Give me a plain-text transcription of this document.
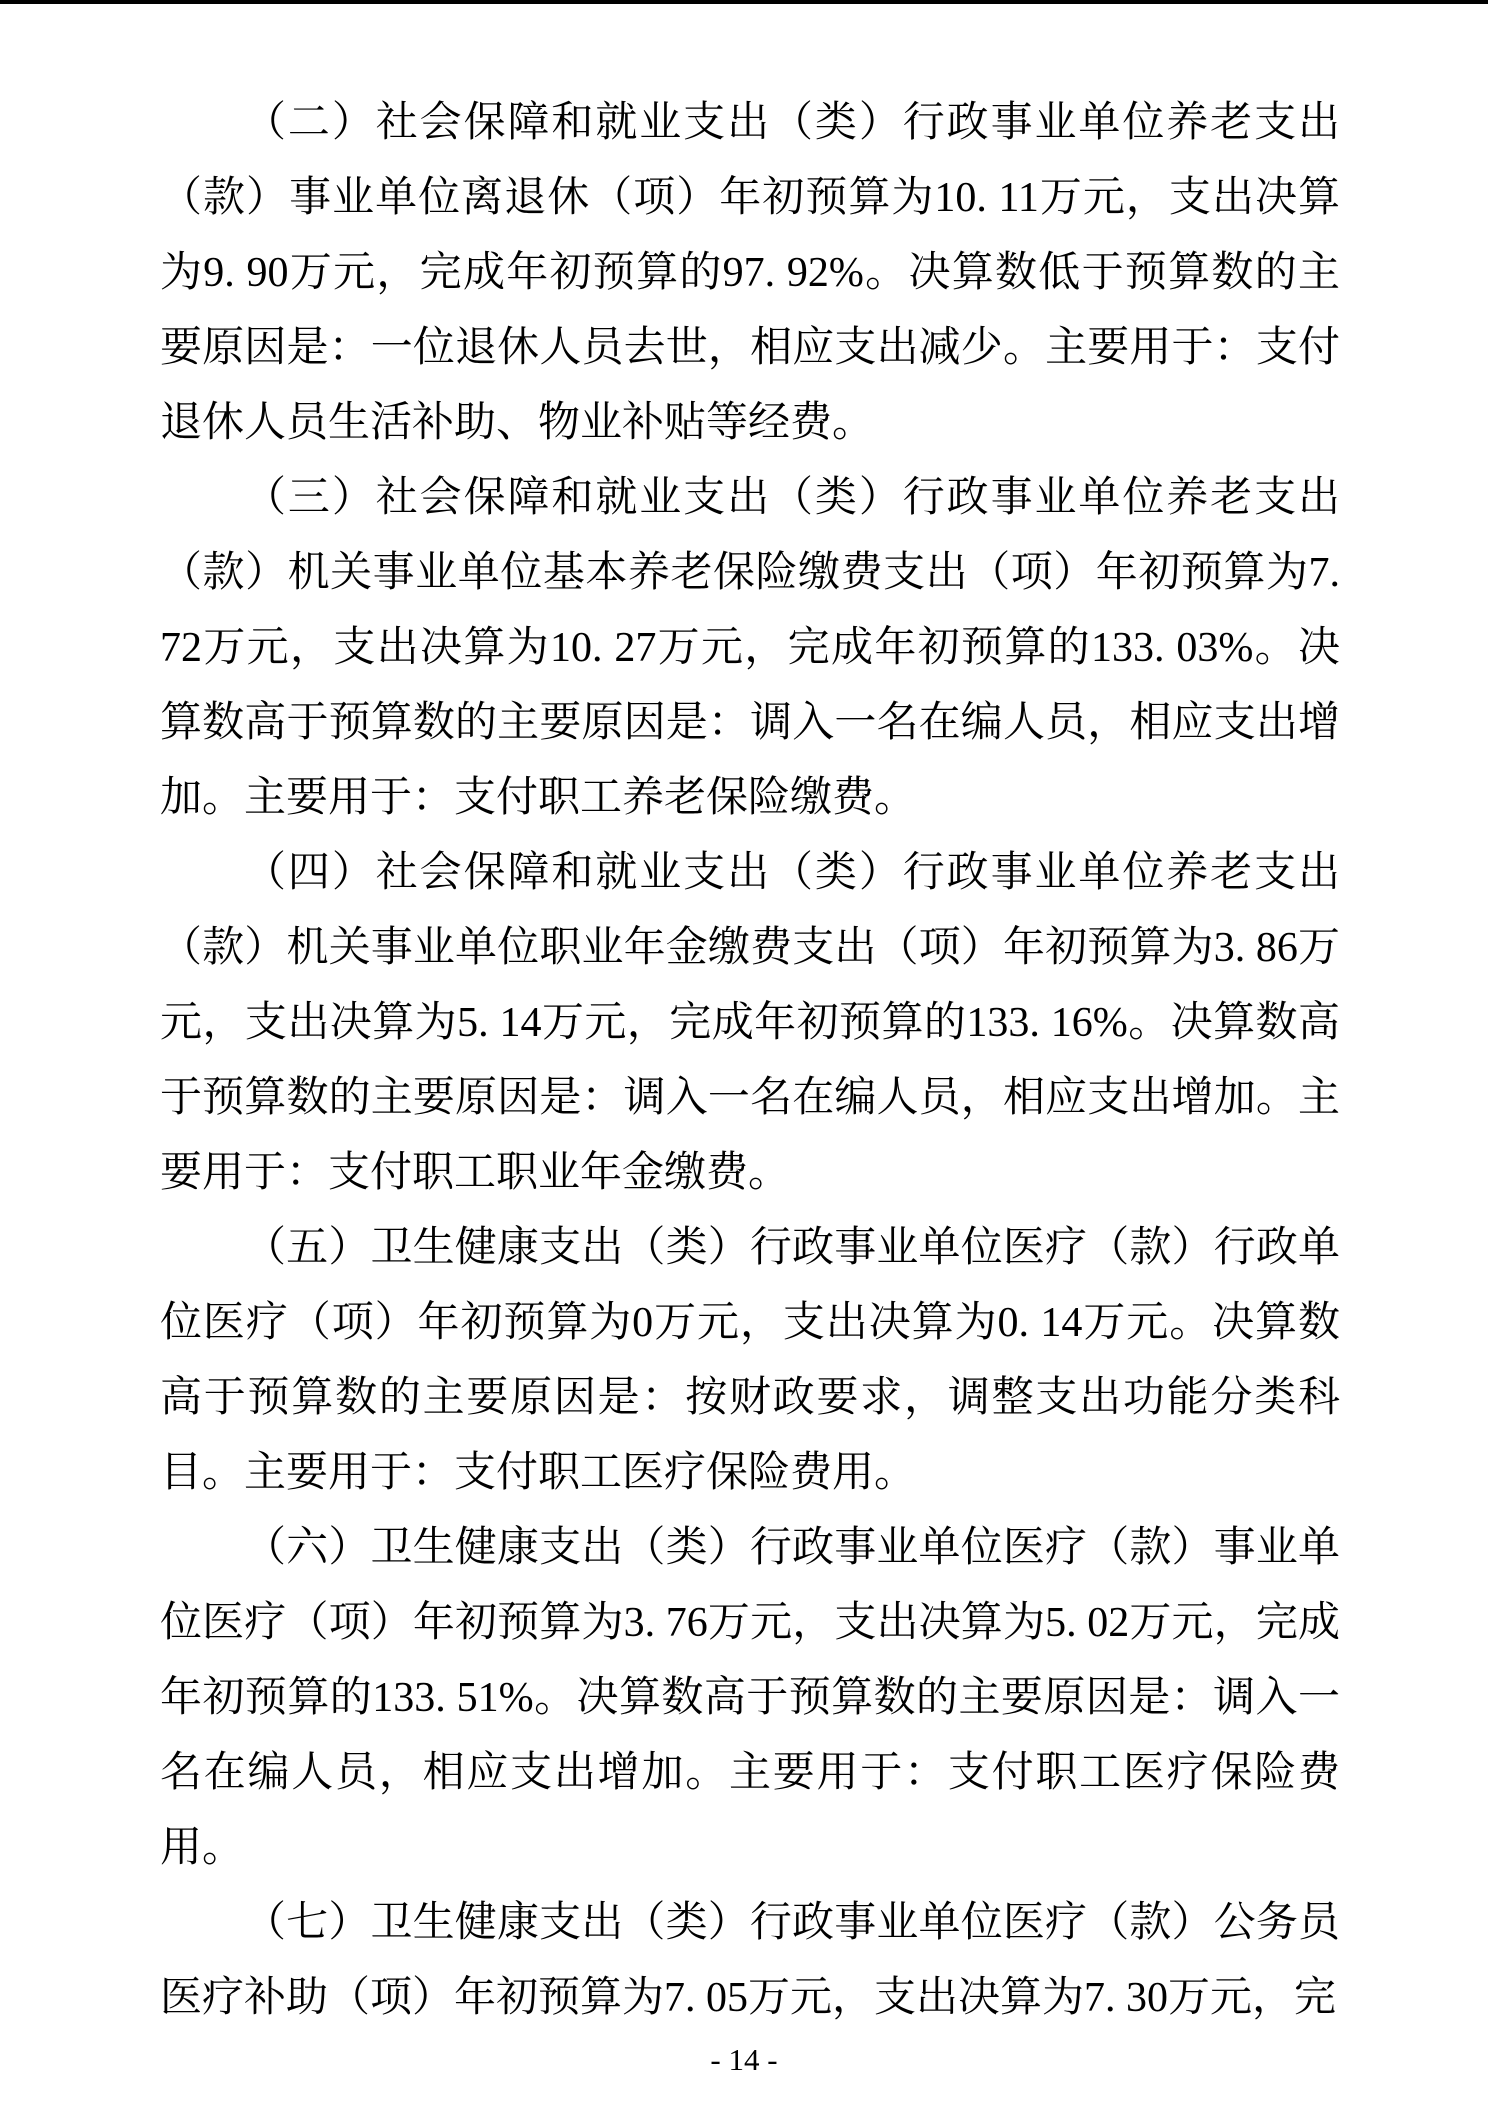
（二）社会保障和就业支出（类）行政事业单位养老支出（款）事业单位离退休（项）年初预算为10. 11万元，支出决算为9. 90万元，完成年初预算的97. 92%。决算数低于预算数的主要原因是：一位退休人员去世，相应支出减少。主要用于：支付退休人员生活补助、物业补贴等经费。

（三）社会保障和就业支出（类）行政事业单位养老支出（款）机关事业单位基本养老保险缴费支出（项）年初预算为7. 72万元，支出决算为10. 27万元，完成年初预算的133. 03%。决算数高于预算数的主要原因是：调入一名在编人员，相应支出增加。主要用于：支付职工养老保险缴费。

（四）社会保障和就业支出（类）行政事业单位养老支出（款）机关事业单位职业年金缴费支出（项）年初预算为3. 86万元，支出决算为5. 14万元，完成年初预算的133. 16%。决算数高于预算数的主要原因是：调入一名在编人员，相应支出增加。主要用于：支付职工职业年金缴费。

（五）卫生健康支出（类）行政事业单位医疗（款）行政单位医疗（项）年初预算为0万元，支出决算为0. 14万元。决算数高于预算数的主要原因是：按财政要求，调整支出功能分类科目。主要用于：支付职工医疗保险费用。

（六）卫生健康支出（类）行政事业单位医疗（款）事业单位医疗（项）年初预算为3. 76万元，支出决算为5. 02万元，完成年初预算的133. 51%。决算数高于预算数的主要原因是：调入一名在编人员，相应支出增加。主要用于：支付职工医疗保险费用。

（七）卫生健康支出（类）行政事业单位医疗（款）公务员医疗补助（项）年初预算为7. 05万元，支出决算为7. 30万元，完

- 14 -
